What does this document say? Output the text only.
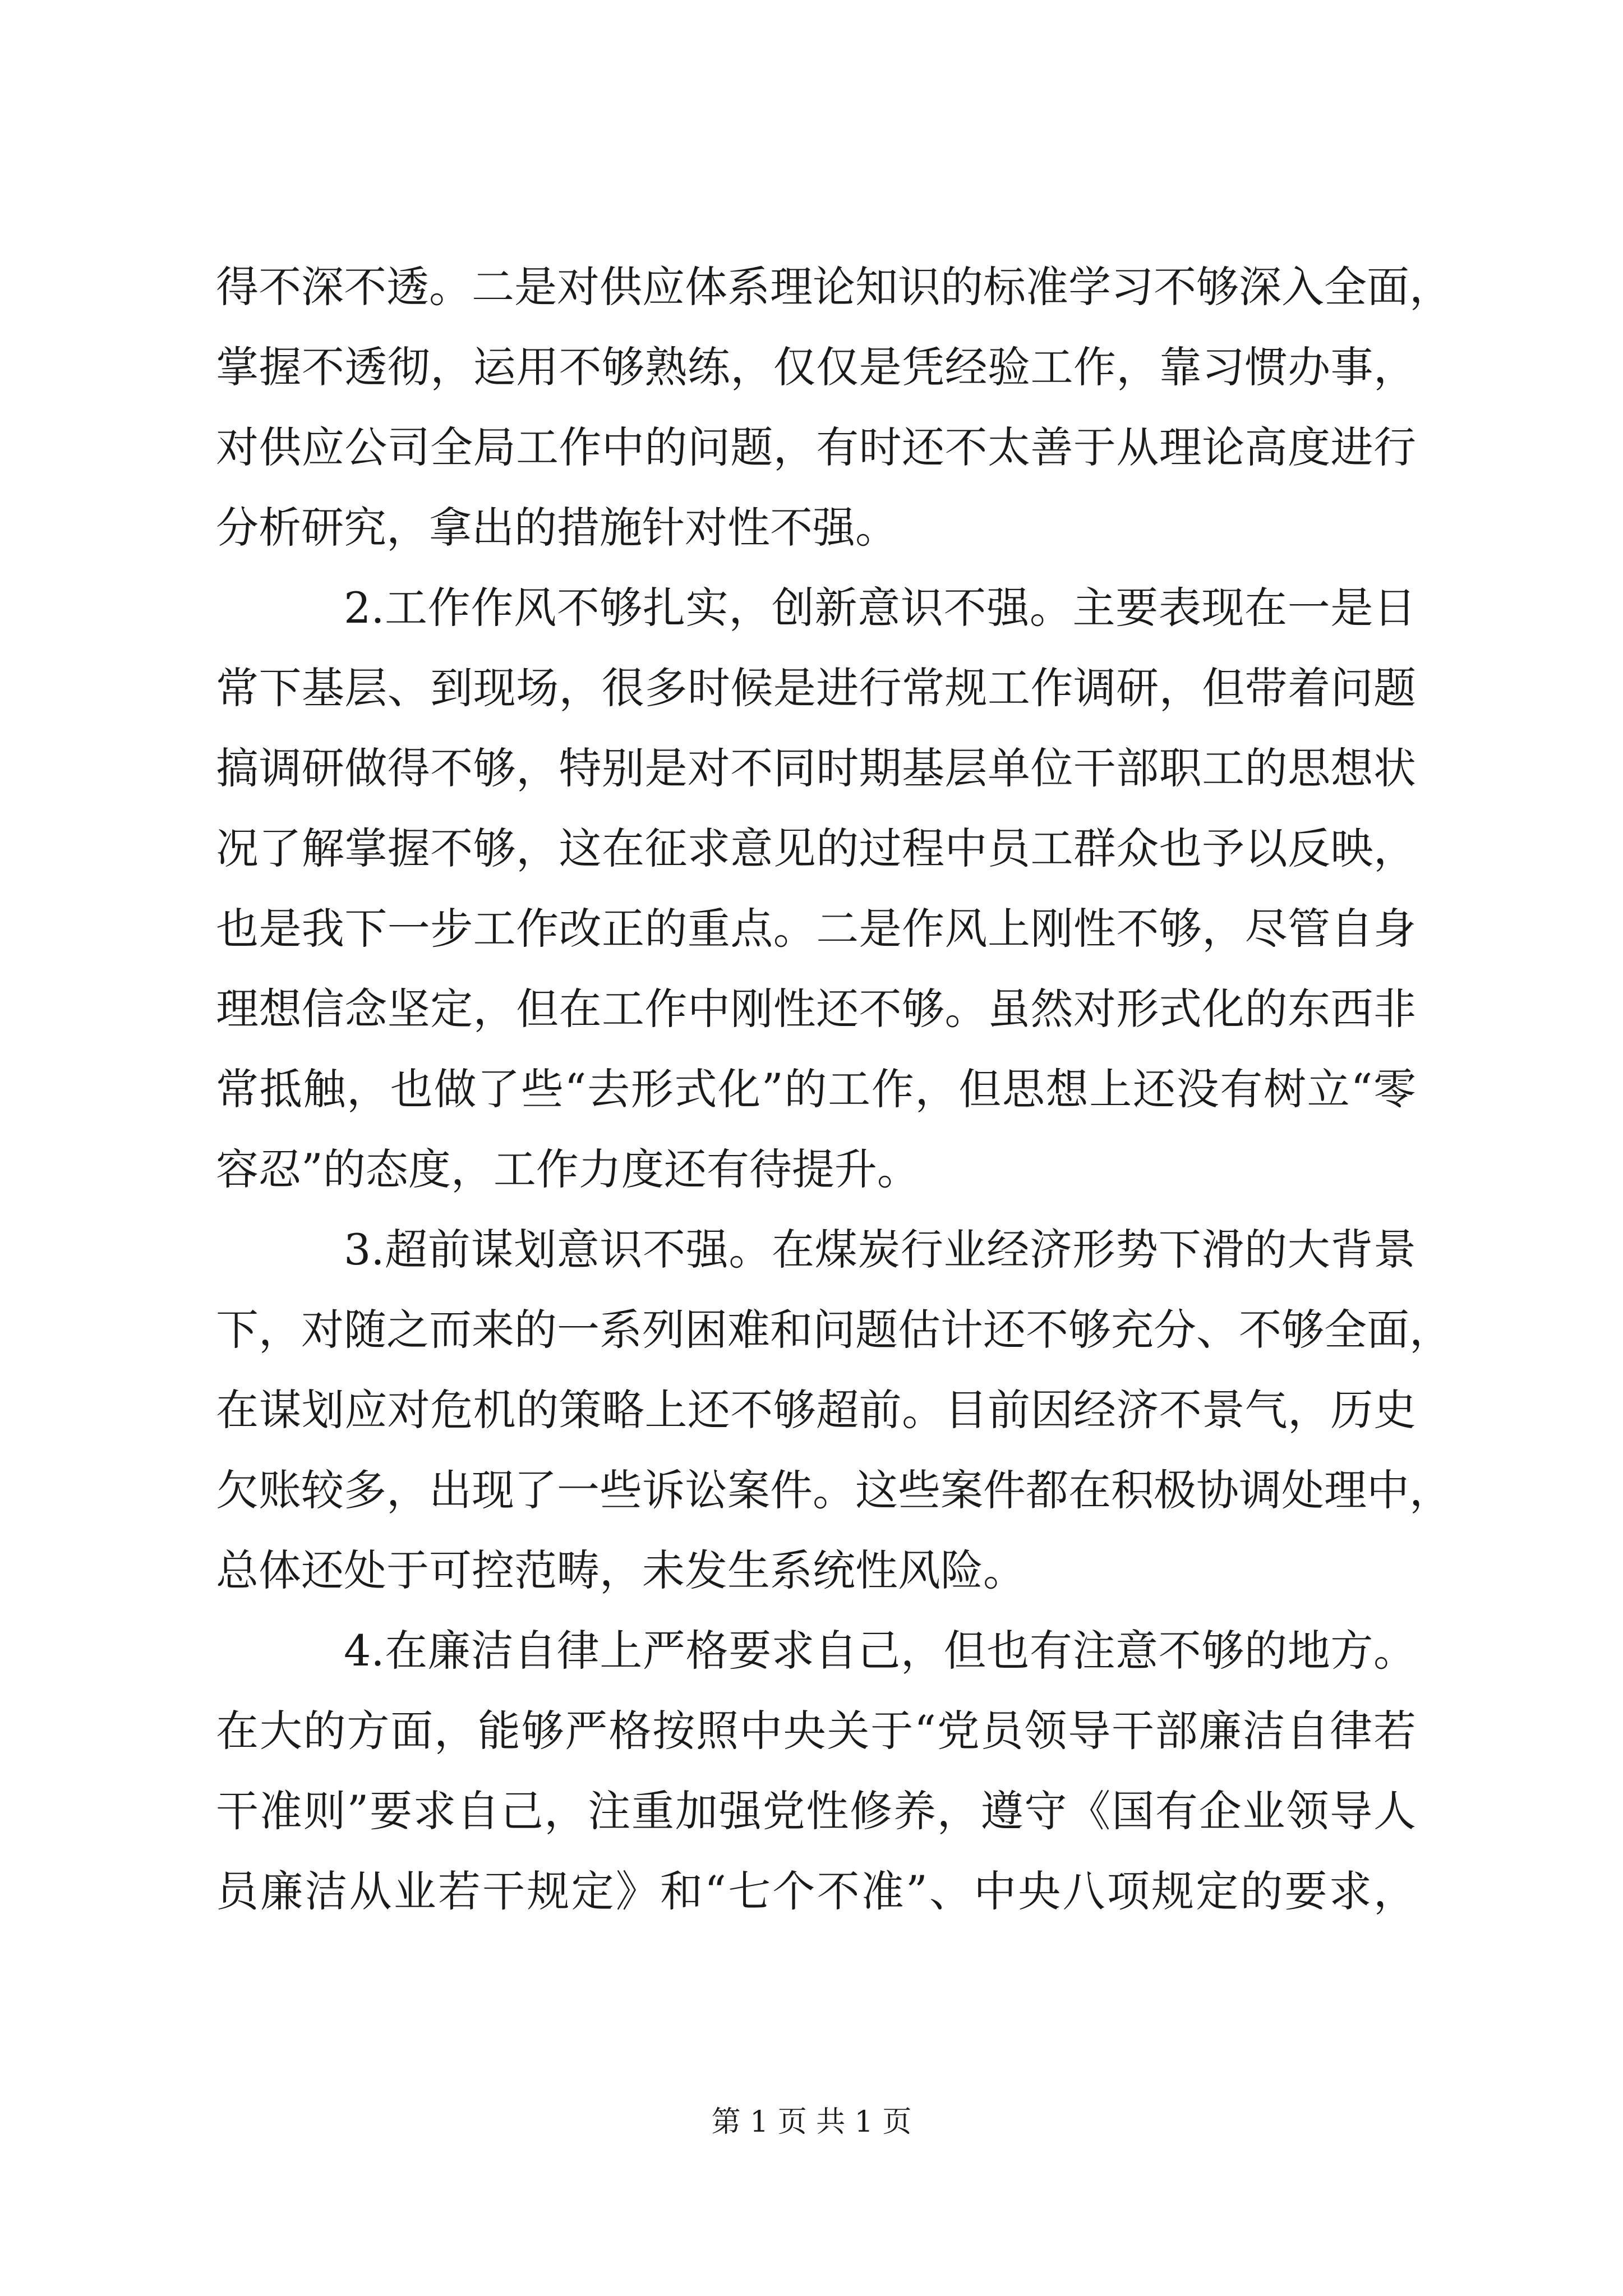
得不深不透。二是对供应体系理论知识的标准学习不够深入全面，
掌握不透彻，运用不够熟练，仅仅是凭经验工作，靠习惯办事，
对供应公司全局工作中的问题，有时还不太善于从理论高度进行
分析研究，拿出的措施针对性不强。
2.工作作风不够扎实，创新意识不强。主要表现在一是日
常下基层、到现场，很多时候是进行常规工作调研，但带着问题
搞调研做得不够，特别是对不同时期基层单位干部职工的思想状
况了解掌握不够，这在征求意见的过程中员工群众也予以反映，
也是我下一步工作改正的重点。二是作风上刚性不够，尽管自身
理想信念坚定，但在工作中刚性还不够。虽然对形式化的东西非
常抵触，也做了些“去形式化”的工作，但思想上还没有树立“零
容忍”的态度，工作力度还有待提升。
3.超前谋划意识不强。在煤炭行业经济形势下滑的大背景
下，对随之而来的一系列困难和问题估计还不够充分、不够全面，
在谋划应对危机的策略上还不够超前。目前因经济不景气，历史
欠账较多，出现了一些诉讼案件。这些案件都在积极协调处理中，
总体还处于可控范畴，未发生系统性风险。
4.在廉洁自律上严格要求自己，但也有注意不够的地方。
在大的方面，能够严格按照中央关于“党员领导干部廉洁自律若
干准则”要求自己，注重加强党性修养，遵守《国有企业领导人
员廉洁从业若干规定》和“七个不准”、中央八项规定的要求，
第 1 页 共 1 页
